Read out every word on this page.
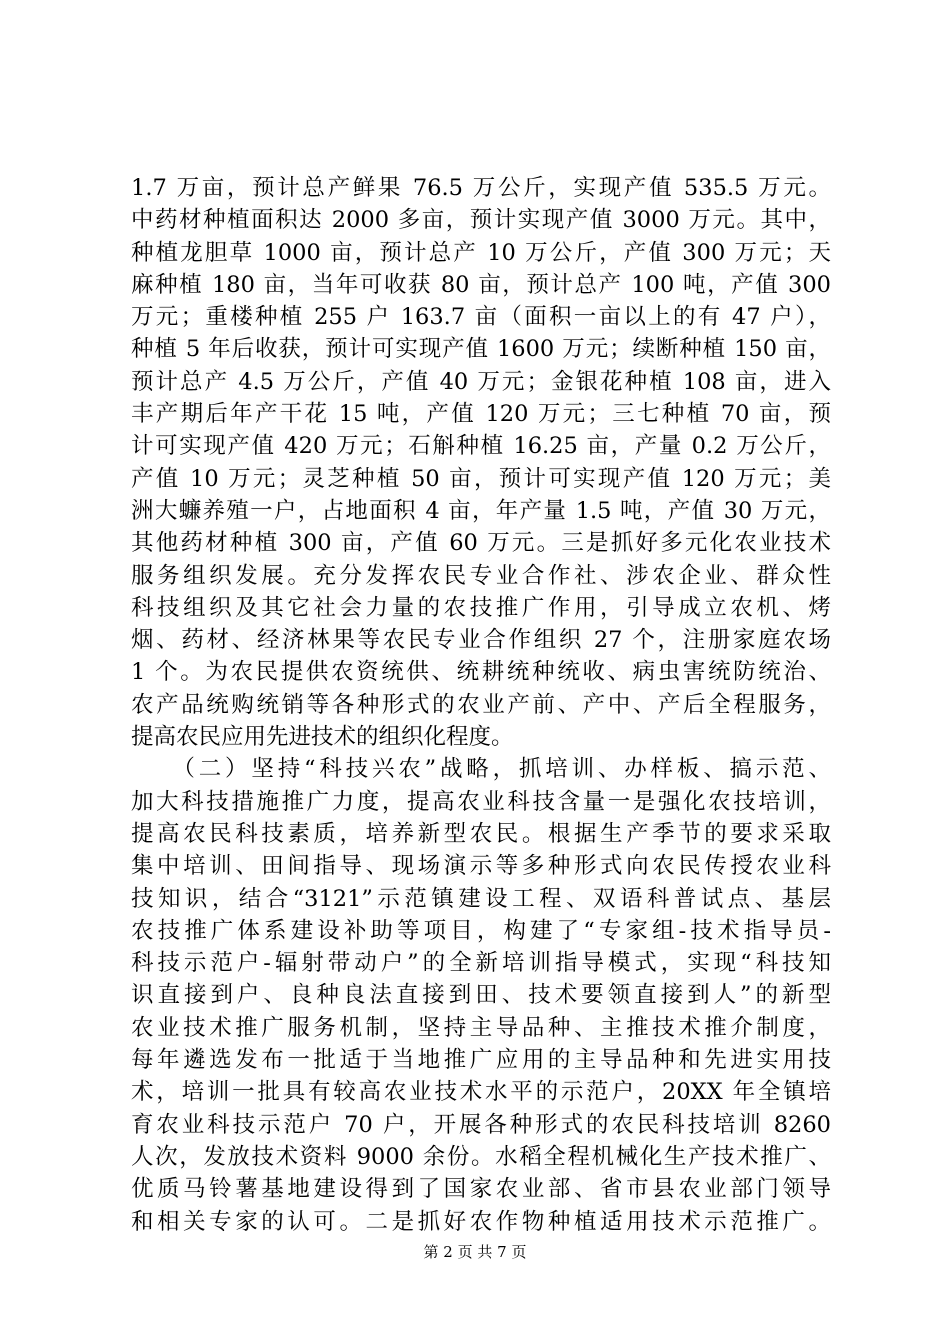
1.7 万亩，预计总产鲜果 76.5 万公斤，实现产值 535.5 万元。
中药材种植面积达 2000 多亩，预计实现产值 3000 万元。其中，
种植龙胆草 1000 亩，预计总产 10 万公斤，产值 300 万元；天
麻种植 180 亩，当年可收获 80 亩，预计总产 100 吨，产值 300
万元；重楼种植 255 户 163.7 亩（面积一亩以上的有 47 户），
种植 5 年后收获，预计可实现产值 1600 万元；续断种植 150 亩，
预计总产 4.5 万公斤，产值 40 万元；金银花种植 108 亩，进入
丰产期后年产干花 15 吨，产值 120 万元；三七种植 70 亩，预
计可实现产值 420 万元；石斛种植 16.25 亩，产量 0.2 万公斤，
产值 10 万元；灵芝种植 50 亩，预计可实现产值 120 万元；美
洲大蠊养殖一户，占地面积 4 亩，年产量 1.5 吨，产值 30 万元，
其他药材种植 300 亩，产值 60 万元。三是抓好多元化农业技术
服务组织发展。充分发挥农民专业合作社、涉农企业、群众性
科技组织及其它社会力量的农技推广作用，引导成立农机、烤
烟、药材、经济林果等农民专业合作组织 27 个，注册家庭农场
1 个。为农民提供农资统供、统耕统种统收、病虫害统防统治、
农产品统购统销等各种形式的农业产前、产中、产后全程服务，
提高农民应用先进技术的组织化程度。
　　（二）坚持“科技兴农”战略，抓培训、办样板、搞示范、
加大科技措施推广力度，提高农业科技含量一是强化农技培训，
提高农民科技素质，培养新型农民。根据生产季节的要求采取
集中培训、田间指导、现场演示等多种形式向农民传授农业科
技知识，结合“3121”示范镇建设工程、双语科普试点、基层
农技推广体系建设补助等项目，构建了“专家组-技术指导员-
科技示范户-辐射带动户”的全新培训指导模式，实现“科技知
识直接到户、良种良法直接到田、技术要领直接到人”的新型
农业技术推广服务机制，坚持主导品种、主推技术推介制度，
每年遴选发布一批适于当地推广应用的主导品种和先进实用技
术，培训一批具有较高农业技术水平的示范户，20XX 年全镇培
育农业科技示范户 70 户，开展各种形式的农民科技培训 8260
人次，发放技术资料 9000 余份。水稻全程机械化生产技术推广、
优质马铃薯基地建设得到了国家农业部、省市县农业部门领导
和相关专家的认可。二是抓好农作物种植适用技术示范推广。
第 2 页 共 7 页
